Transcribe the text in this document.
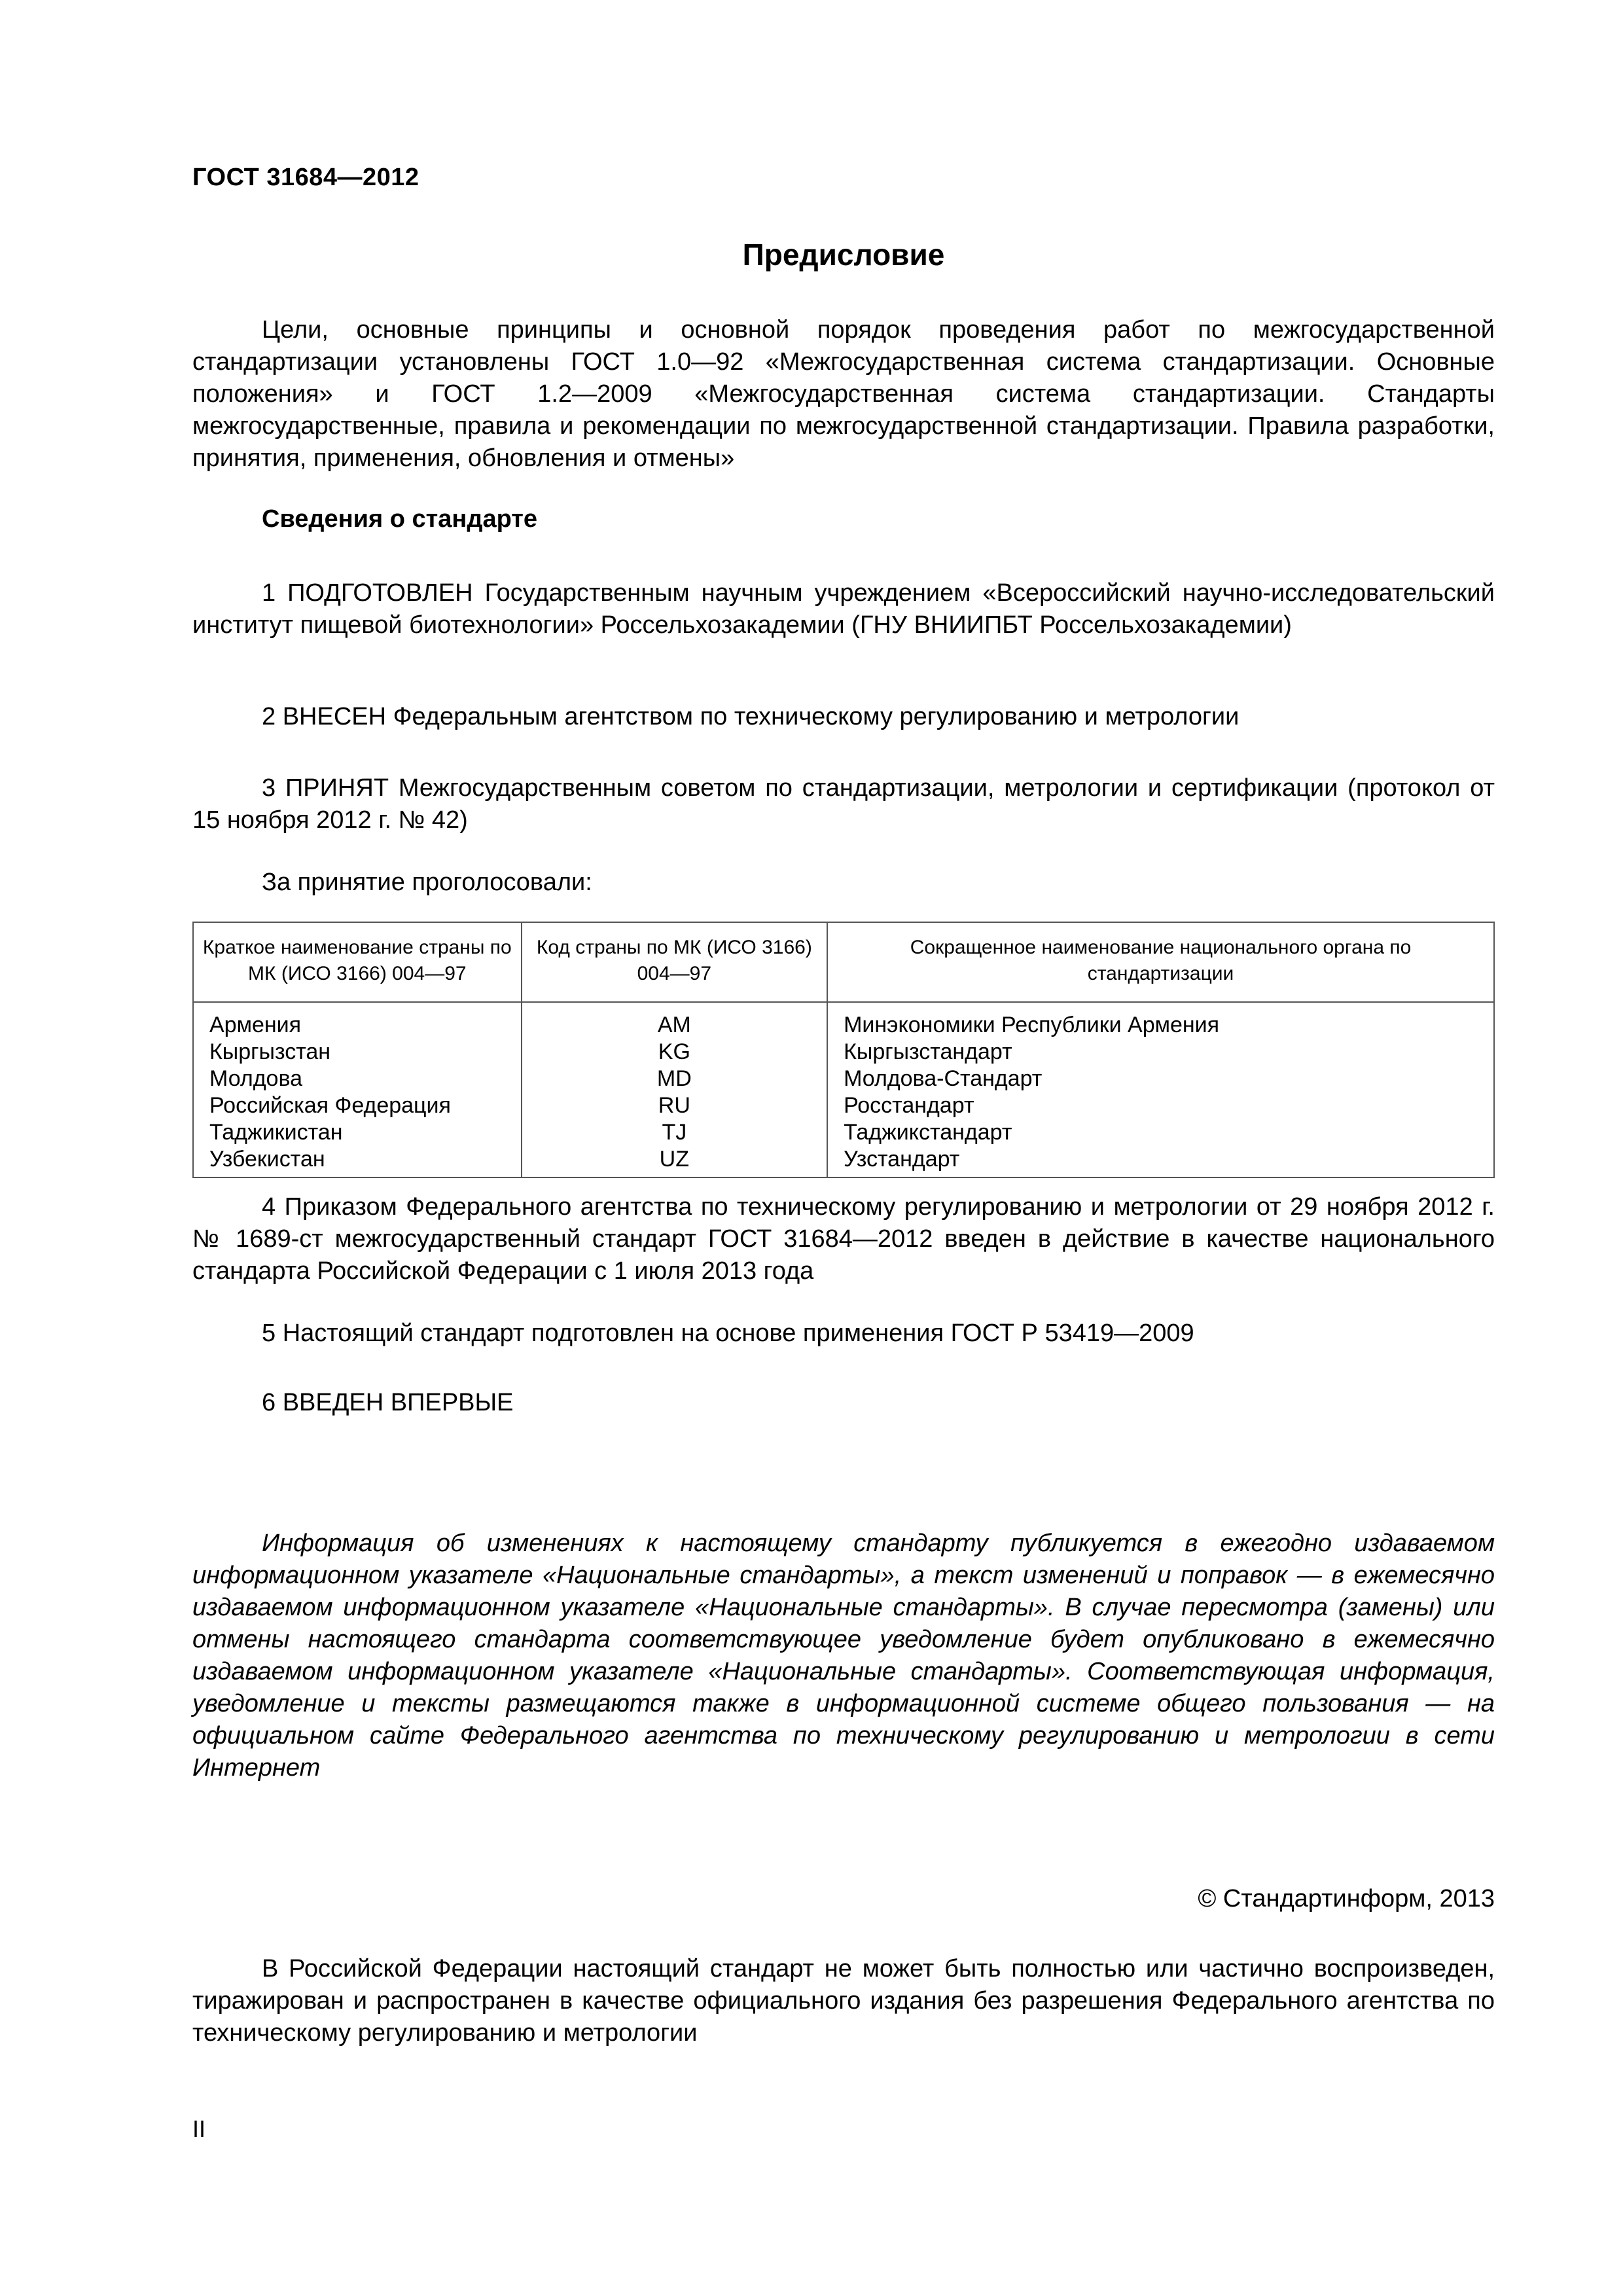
ГОСТ 31684—2012
Предисловие

Цели, основные принципы и основной порядок проведения работ по межгосударственной стандартизации установлены ГОСТ 1.0—92 «Межгосударственная система стандартизации. Основные положения» и ГОСТ 1.2—2009 «Межгосударственная система стандартизации. Стандарты межгосударственные, правила и рекомендации по межгосударственной стандартизации. Правила разработки, принятия, применения, обновления и отмены»

Сведения о стандарте

1 ПОДГОТОВЛЕН Государственным научным учреждением «Всероссийский научно-исследовательский институт пищевой биотехнологии» Россельхозакадемии (ГНУ ВНИИПБТ Россельхозакадемии)

2 ВНЕСЕН Федеральным агентством по техническому регулированию и метрологии

3 ПРИНЯТ Межгосударственным советом по стандартизации, метрологии и сертификации (протокол от 15 ноября 2012 г. № 42)

За принятие проголосовали:
Краткое наименование страны по МК (ИСО 3166) 004—97	Код страны по МК (ИСО 3166) 004—97	Сокращенное наименование национального органа по стандартизации
Армения	AM	Минэкономики Республики Армения
Кыргызстан	KG	Кыргызстандарт
Молдова	MD	Молдова-Стандарт
Российская Федерация	RU	Росстандарт
Таджикистан	TJ	Таджикстандарт
Узбекистан	UZ	Узстандарт

4 Приказом Федерального агентства по техническому регулированию и метрологии от 29 ноября 2012 г. № 1689-ст межгосударственный стандарт ГОСТ 31684—2012 введен в действие в качестве национального стандарта Российской Федерации с 1 июля 2013 года

5 Настоящий стандарт подготовлен на основе применения ГОСТ Р 53419—2009
6 ВВЕДЕН ВПЕРВЫЕ

Информация об изменениях к настоящему стандарту публикуется в ежегодно издаваемом информационном указателе «Национальные стандарты», а текст изменений и поправок — в ежемесячно издаваемом информационном указателе «Национальные стандарты». В случае пересмотра (замены) или отмены настоящего стандарта соответствующее уведомление будет опубликовано в ежемесячно издаваемом информационном указателе «Национальные стандарты». Соответствующая информация, уведомление и тексты размещаются также в информационной системе общего пользования — на официальном сайте Федерального агентства по техническому регулированию и метрологии в сети Интернет

© Стандартинформ, 2013

В Российской Федерации настоящий стандарт не может быть полностью или частично воспроизведен, тиражирован и распространен в качестве официального издания без разрешения Федерального агентства по техническому регулированию и метрологии

II
